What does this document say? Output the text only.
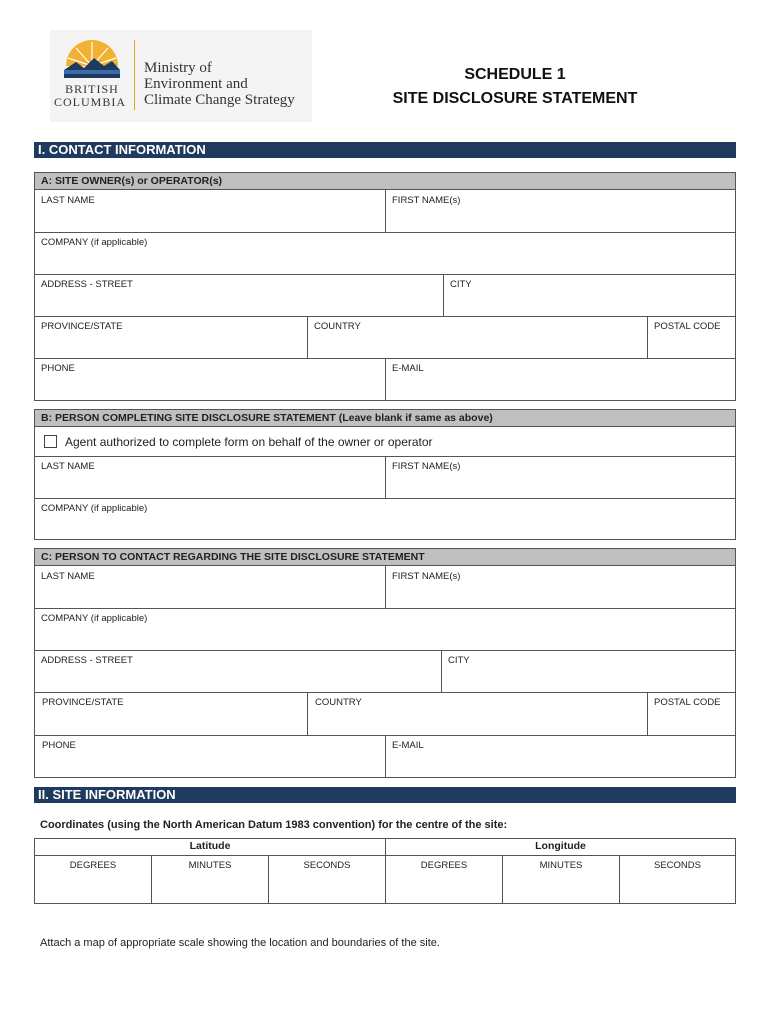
BRITISH
COLUMBIA
Ministry of
Environment and
Climate Change Strategy
SCHEDULE 1
SITE DISCLOSURE STATEMENT
I. CONTACT INFORMATION
A: SITE OWNER(s) or OPERATOR(s)
LAST NAME	FIRST NAME(s)
COMPANY (if applicable)
ADDRESS - STREET	CITY
PROVINCE/STATE	COUNTRY	POSTAL CODE
PHONE	E-MAIL
B: PERSON COMPLETING SITE DISCLOSURE STATEMENT (Leave blank if same as above)
Agent authorized to complete form on behalf of the owner or operator
LAST NAME	FIRST NAME(s)
COMPANY (if applicable)
C: PERSON TO CONTACT REGARDING THE SITE DISCLOSURE STATEMENT
LAST NAME	FIRST NAME(s)
COMPANY (if applicable)
ADDRESS - STREET	CITY
PROVINCE/STATE	COUNTRY	POSTAL CODE
PHONE	E-MAIL
II. SITE INFORMATION
Coordinates (using the North American Datum 1983 convention) for the centre of the site:
Latitude	Longitude
DEGREES	MINUTES	SECONDS	DEGREES	MINUTES	SECONDS
Attach a map of appropriate scale showing the location and boundaries of the site.
